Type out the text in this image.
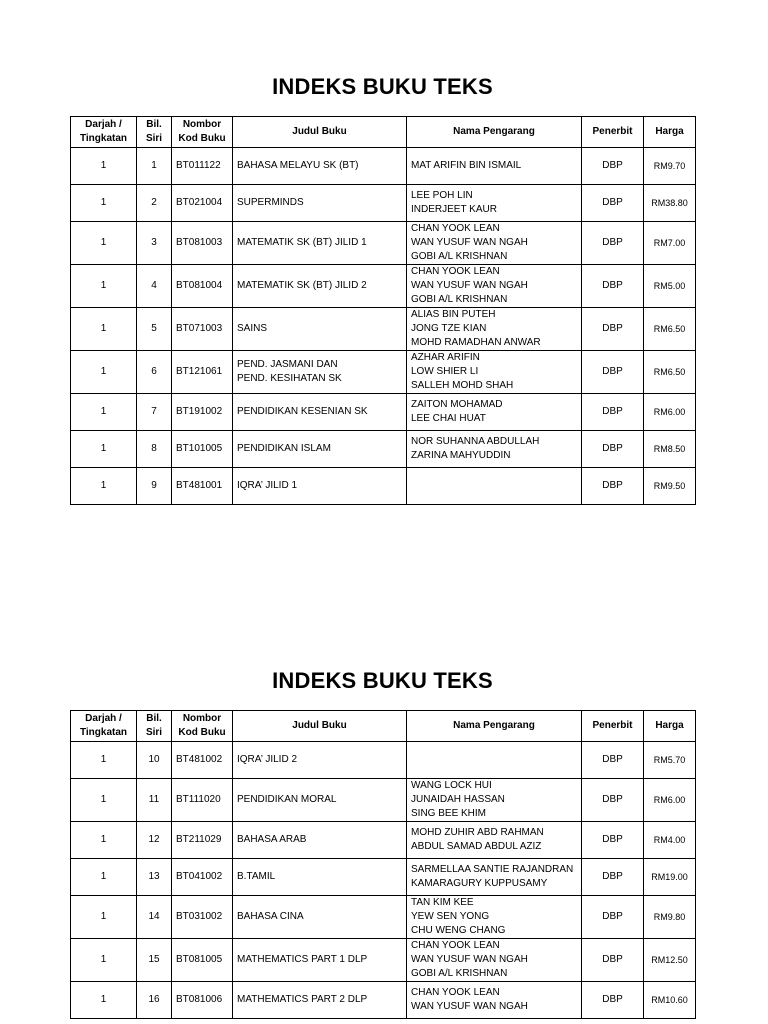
INDEKS BUKU TEKS
Darjah /
Tingkatan	Bil.
Siri	Nombor
Kod Buku	Judul Buku	Nama Pengarang	Penerbit	Harga
1	1	BT011122	BAHASA MELAYU SK (BT)	MAT ARIFIN BIN ISMAIL	DBP	RM9.70
1	2	BT021004	SUPERMINDS	LEE POH LIN
INDERJEET KAUR	DBP	RM38.80
1	3	BT081003	MATEMATIK SK (BT) JILID 1	CHAN YOOK LEAN
WAN YUSUF WAN NGAH
GOBI A/L KRISHNAN	DBP	RM7.00
1	4	BT081004	MATEMATIK SK (BT) JILID 2	CHAN YOOK LEAN
WAN YUSUF WAN NGAH
GOBI A/L KRISHNAN	DBP	RM5.00
1	5	BT071003	SAINS	ALIAS BIN PUTEH
JONG TZE KIAN
MOHD RAMADHAN ANWAR	DBP	RM6.50
1	6	BT121061	PEND. JASMANI DAN
PEND. KESIHATAN SK	AZHAR ARIFIN
LOW SHIER LI
SALLEH MOHD SHAH	DBP	RM6.50
1	7	BT191002	PENDIDIKAN KESENIAN SK	ZAITON MOHAMAD
LEE CHAI HUAT	DBP	RM6.00
1	8	BT101005	PENDIDIKAN ISLAM	NOR SUHANNA ABDULLAH
ZARINA MAHYUDDIN	DBP	RM8.50
1	9	BT481001	IQRA’ JILID 1		DBP	RM9.50
INDEKS BUKU TEKS
Darjah /
Tingkatan	Bil.
Siri	Nombor
Kod Buku	Judul Buku	Nama Pengarang	Penerbit	Harga
1	10	BT481002	IQRA’ JILID 2		DBP	RM5.70
1	11	BT111020	PENDIDIKAN MORAL	WANG LOCK HUI
JUNAIDAH HASSAN
SING BEE KHIM	DBP	RM6.00
1	12	BT211029	BAHASA ARAB	MOHD ZUHIR ABD RAHMAN
ABDUL SAMAD ABDUL AZIZ	DBP	RM4.00
1	13	BT041002	B.TAMIL	SARMELLAA SANTIE RAJANDRAN
KAMARAGURY KUPPUSAMY	DBP	RM19.00
1	14	BT031002	BAHASA CINA	TAN KIM KEE
YEW SEN YONG
CHU WENG CHANG	DBP	RM9.80
1	15	BT081005	MATHEMATICS PART 1 DLP	CHAN YOOK LEAN
WAN YUSUF WAN NGAH
GOBI A/L KRISHNAN	DBP	RM12.50
1	16	BT081006	MATHEMATICS PART 2 DLP	CHAN YOOK LEAN
WAN YUSUF WAN NGAH	DBP	RM10.60
